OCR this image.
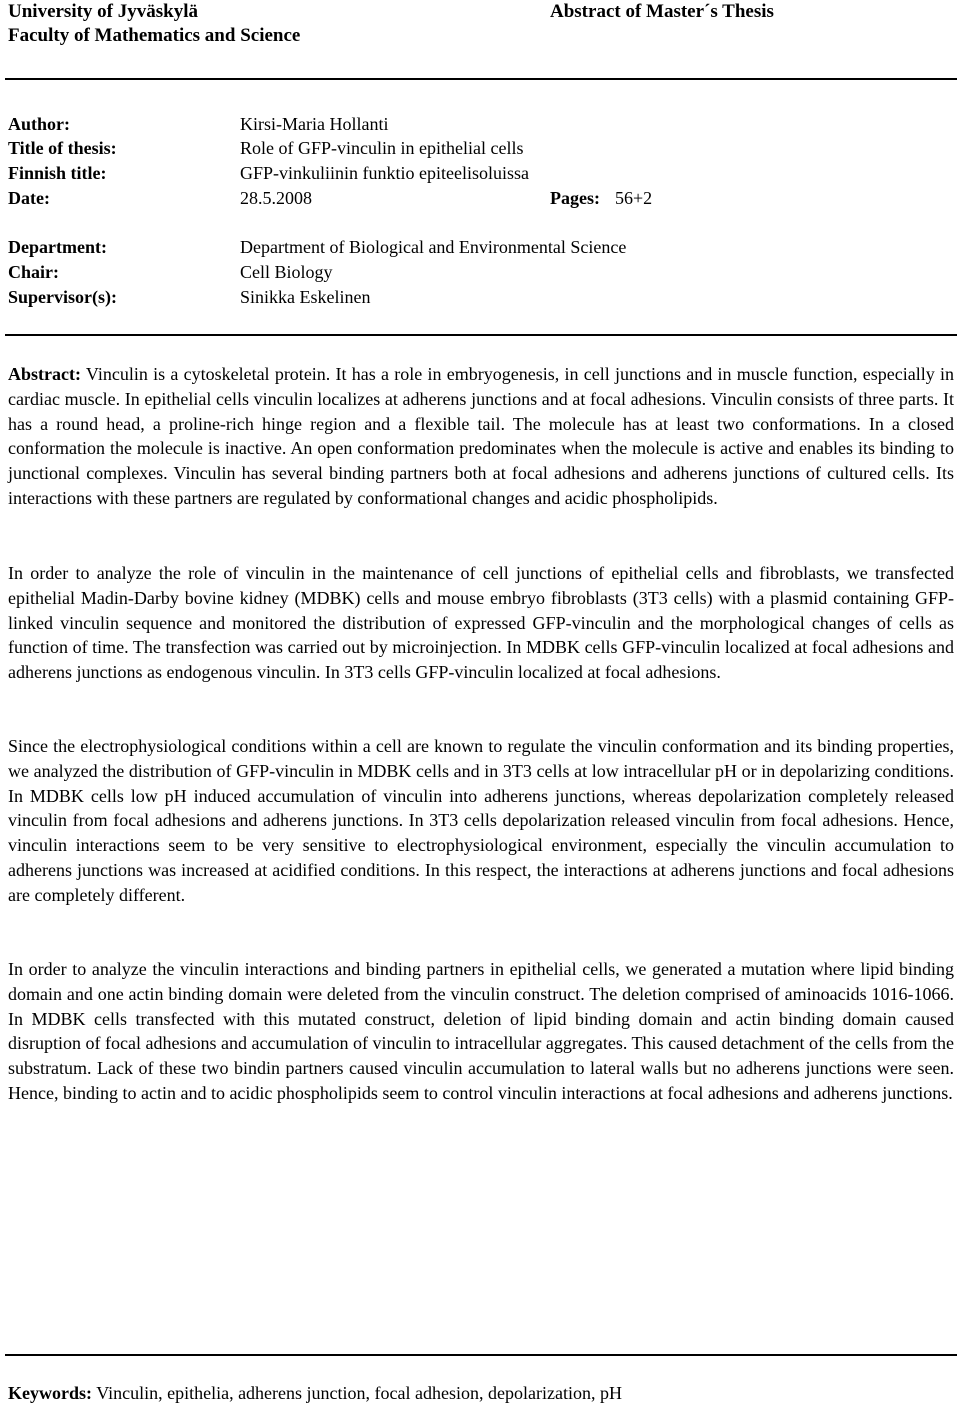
University of Jyväskylä
Faculty of Mathematics and Science
Abstract of Master´s Thesis
Author:	Kirsi-Maria Hollanti
Title of thesis:	Role of GFP-vinculin in epithelial cells
Finnish title:	GFP-vinkuliinin funktio epiteelisoluissa
Date:	28.5.2008	Pages: 56+2
Department:	Department of Biological and Environmental Science
Chair:	Cell Biology
Supervisor(s):	Sinikka Eskelinen
Abstract: Vinculin is a cytoskeletal protein. It has a role in embryogenesis, in cell junctions and in muscle function, especially in cardiac muscle. In epithelial cells vinculin localizes at adherens junctions and at focal adhesions. Vinculin consists of three parts. It has a round head, a proline-rich hinge region and a flexible tail. The molecule has at least two conformations. In a closed conformation the molecule is inactive. An open conformation predominates when the molecule is active and enables its binding to junctional complexes. Vinculin has several binding partners both at focal adhesions and adherens junctions of cultured cells. Its interactions with these partners are regulated by conformational changes and acidic phospholipids.
In order to analyze the role of vinculin in the maintenance of cell junctions of epithelial cells and fibroblasts, we transfected epithelial Madin-Darby bovine kidney (MDBK) cells and mouse embryo fibroblasts (3T3 cells) with a plasmid containing GFP-linked vinculin sequence and monitored the distribution of expressed GFP-vinculin and the morphological changes of cells as function of time. The transfection was carried out by microinjection. In MDBK cells GFP-vinculin localized at focal adhesions and adherens junctions as endogenous vinculin. In 3T3 cells GFP-vinculin localized at focal adhesions.
Since the electrophysiological conditions within a cell are known to regulate the vinculin conformation and its binding properties, we analyzed the distribution of GFP-vinculin in MDBK cells and in 3T3 cells at low intracellular pH or in depolarizing conditions. In MDBK cells low pH induced accumulation of vinculin into adherens junctions, whereas depolarization completely released vinculin from focal adhesions and adherens junctions. In 3T3 cells depolarization released vinculin from focal adhesions. Hence, vinculin interactions seem to be very sensitive to electrophysiological environment, especially the vinculin accumulation to adherens junctions was increased at acidified conditions. In this respect, the interactions at adherens junctions and focal adhesions are completely different.
In order to analyze the vinculin interactions and binding partners in epithelial cells, we generated a mutation where lipid binding domain and one actin binding domain were deleted from the vinculin construct. The deletion comprised of aminoacids 1016-1066. In MDBK cells transfected with this mutated construct, deletion of lipid binding domain and actin binding domain caused disruption of focal adhesions and accumulation of vinculin to intracellular aggregates. This caused detachment of the cells from the substratum. Lack of these two bindin partners caused vinculin accumulation to lateral walls but no adherens junctions were seen. Hence, binding to actin and to acidic phospholipids seem to control vinculin interactions at focal adhesions and adherens junctions.
Keywords: Vinculin, epithelia, adherens junction, focal adhesion, depolarization, pH
